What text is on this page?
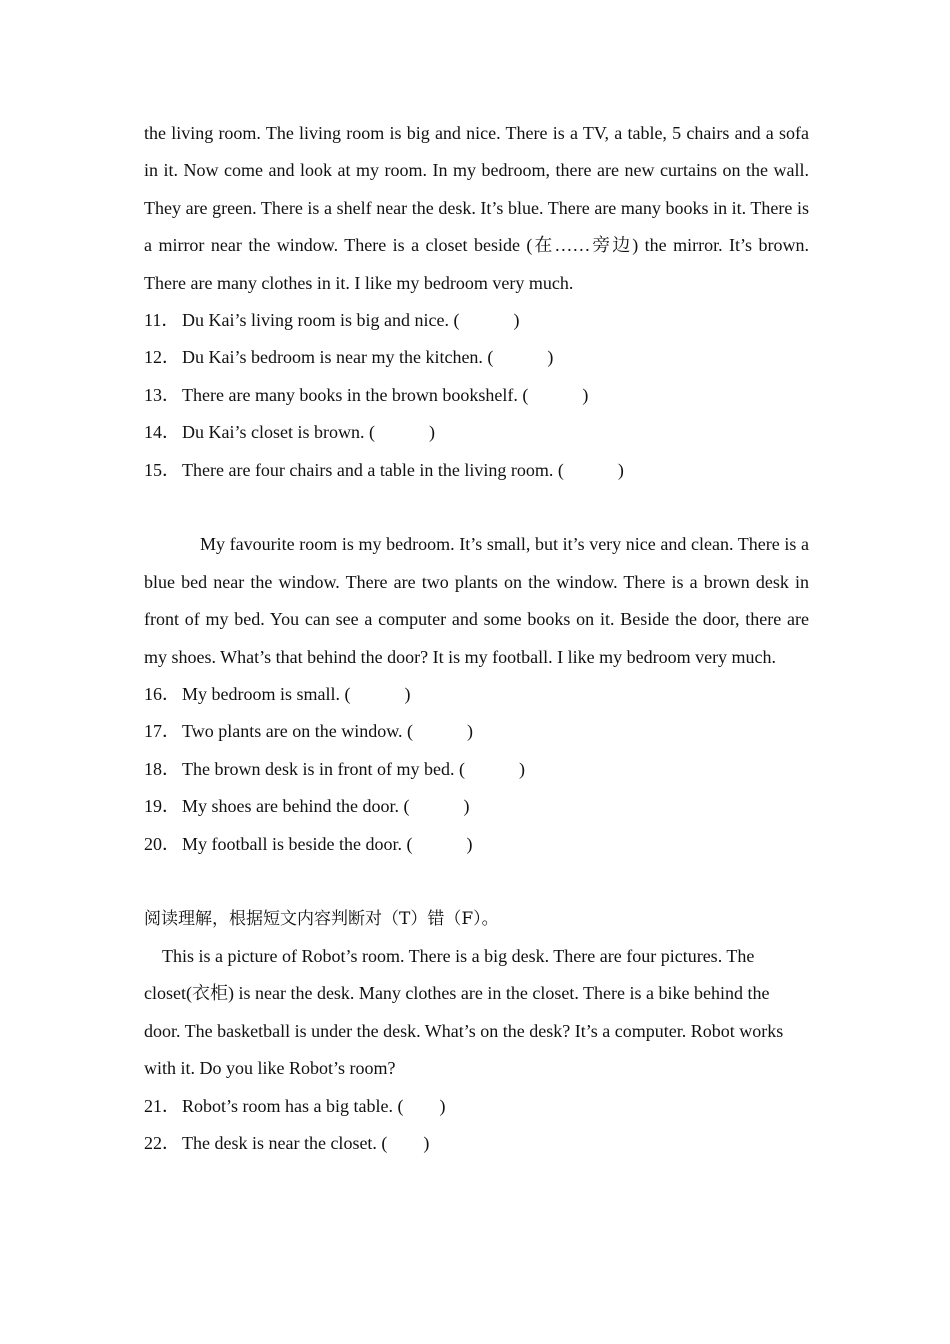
the living room. The living room is big and nice. There is a TV, a table, 5 chairs and a sofa in it. Now come and look at my room. In my bedroom, there are new curtains on the wall. They are green. There is a shelf near the desk. It’s blue. There are many books in it. There is a mirror near the window. There is a closet beside (在……旁边) the mirror. It’s brown. There are many clothes in it. I like my bedroom very much.

11． Du Kai’s living room is big and nice. (            )

12． Du Kai’s bedroom is near my the kitchen. (            )

13． There are many books in the brown bookshelf. (            )

14． Du Kai’s closet is brown. (            )

15． There are four chairs and a table in the living room. (            )

My favourite room is my bedroom. It’s small, but it’s very nice and clean. There is a blue bed near the window. There are two plants on the window. There is a brown desk in front of my bed. You can see a computer and some books on it. Beside the door, there are my shoes. What’s that behind the door? It is my football. I like my bedroom very much.

16． My bedroom is small. (            )

17． Two plants are on the window. (            )

18． The brown desk is in front of my bed. (            )

19． My shoes are behind the door. (            )

20． My football is beside the door. (            )

阅读理解，根据短文内容判断对（T）错（F）。

This is a picture of Robot’s room. There is a big desk. There are four pictures. The closet(衣柜) is near the desk. Many clothes are in the closet. There is a bike behind the door. The basketball is under the desk. What’s on the desk? It’s a computer. Robot works with it. Do you like Robot’s room?

21． Robot’s room has a big table. (        )

22． The desk is near the closet. (        )
